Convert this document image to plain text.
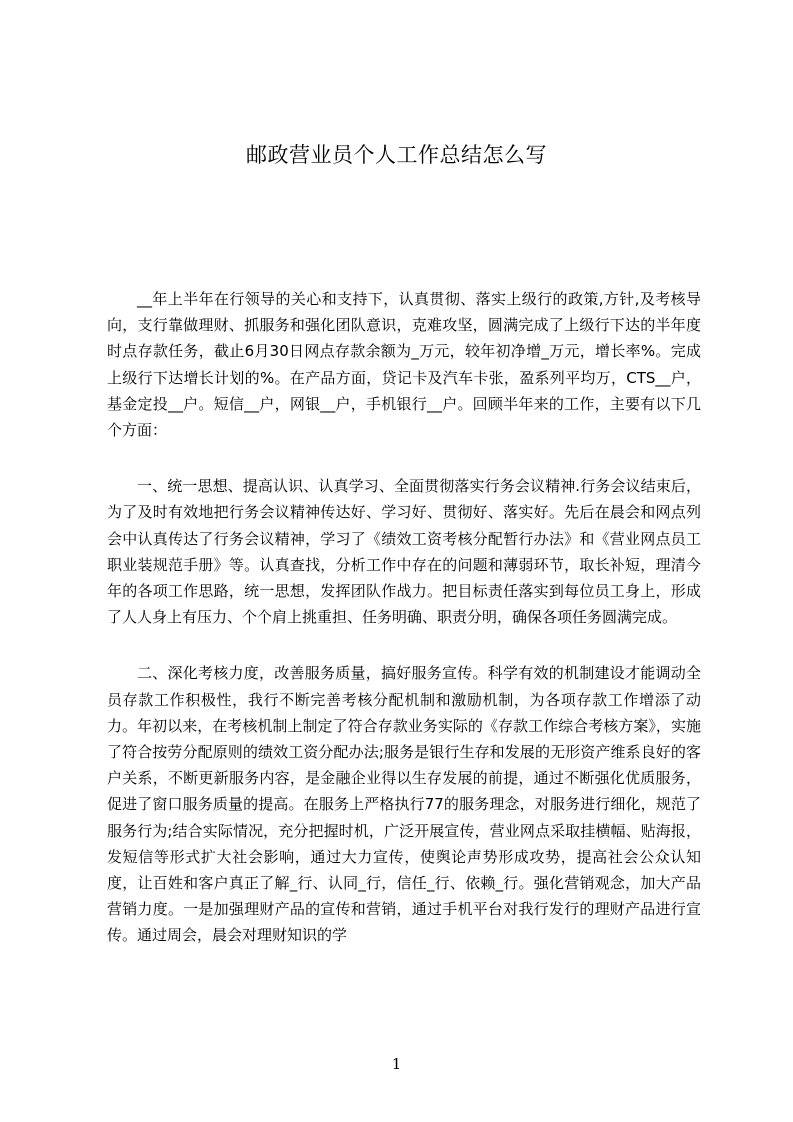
邮政营业员个人工作总结怎么写

__年上半年在行领导的关心和支持下，认真贯彻、落实上级行的政策,方针,及考核导向，支行靠做理财、抓服务和强化团队意识，克难攻坚，圆满完成了上级行下达的半年度时点存款任务，截止6月30日网点存款余额为_万元，较年初净增_万元，增长率%。完成上级行下达增长计划的%。在产品方面，贷记卡及汽车卡张，盈系列平均万，CTS__户，基金定投__户。短信__户，网银__户，手机银行__户。回顾半年来的工作，主要有以下几个方面：

一、统一思想、提高认识、认真学习、全面贯彻落实行务会议精神.行务会议结束后，为了及时有效地把行务会议精神传达好、学习好、贯彻好、落实好。先后在晨会和网点列会中认真传达了行务会议精神，学习了《绩效工资考核分配暂行办法》和《营业网点员工职业装规范手册》等。认真查找，分析工作中存在的问题和薄弱环节，取长补短，理清今年的各项工作思路，统一思想，发挥团队作战力。把目标责任落实到每位员工身上，形成了人人身上有压力、个个肩上挑重担、任务明确、职责分明，确保各项任务圆满完成。

二、深化考核力度，改善服务质量，搞好服务宣传。科学有效的机制建设才能调动全员存款工作积极性，我行不断完善考核分配机制和激励机制，为各项存款工作增添了动力。年初以来，在考核机制上制定了符合存款业务实际的《存款工作综合考核方案》，实施了符合按劳分配原则的绩效工资分配办法;服务是银行生存和发展的无形资产维系良好的客户关系，不断更新服务内容，是金融企业得以生存发展的前提，通过不断强化优质服务，促进了窗口服务质量的提高。在服务上严格执行77的服务理念，对服务进行细化，规范了服务行为;结合实际情况，充分把握时机，广泛开展宣传，营业网点采取挂横幅、贴海报，发短信等形式扩大社会影响，通过大力宣传，使舆论声势形成攻势，提高社会公众认知度，让百姓和客户真正了解_行、认同_行，信任_行、依赖_行。强化营销观念，加大产品营销力度。一是加强理财产品的宣传和营销，通过手机平台对我行发行的理财产品进行宣传。通过周会，晨会对理财知识的学

1
